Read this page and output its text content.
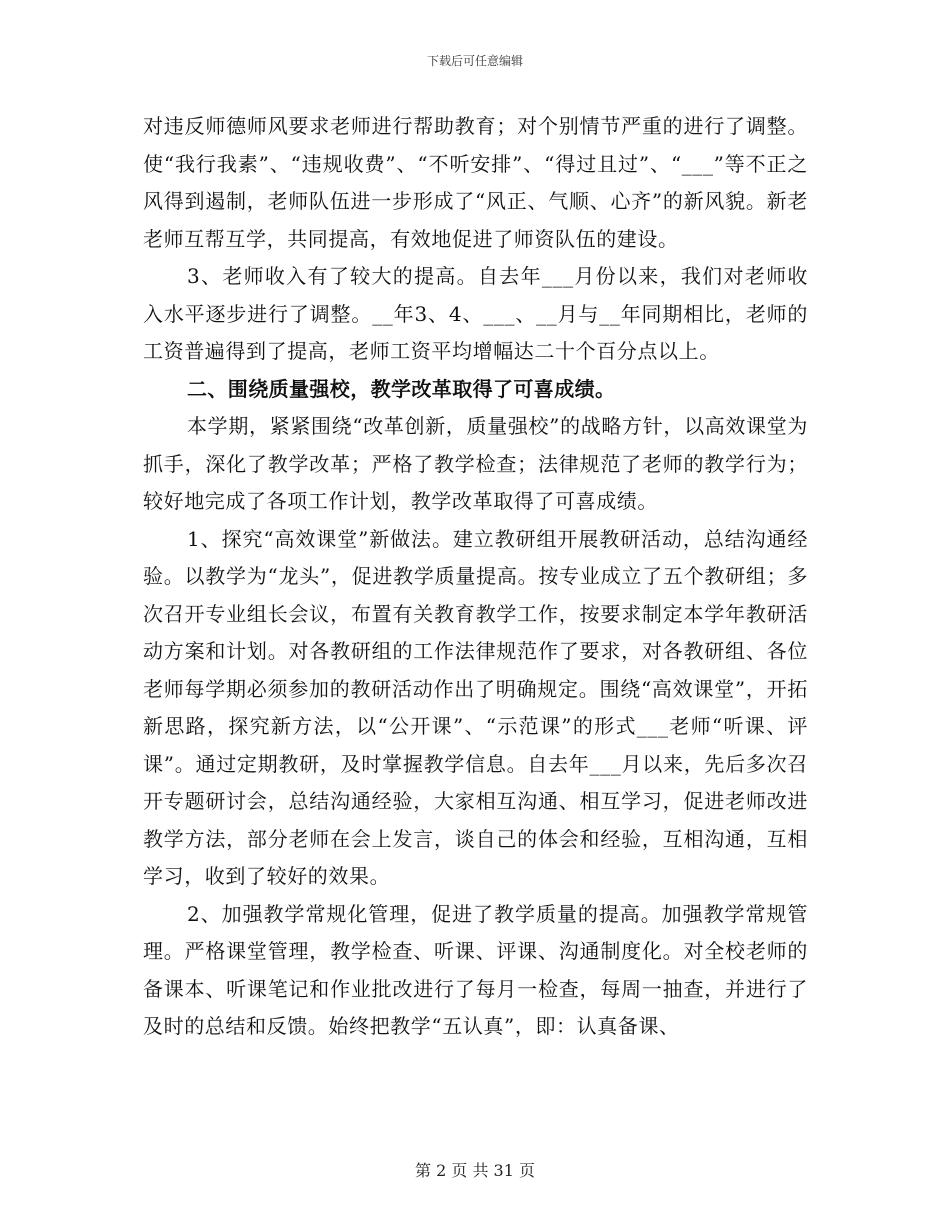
下载后可任意编辑

对违反师德师风要求老师进行帮助教育；对个别情节严重的进行了调整。使“我行我素”、“违规收费”、“不听安排”、“得过且过”、“___”等不正之风得到遏制，老师队伍进一步形成了“风正、气顺、心齐”的新风貌。新老老师互帮互学，共同提高，有效地促进了师资队伍的建设。

3、老师收入有了较大的提高。自去年___月份以来，我们对老师收入水平逐步进行了调整。__年3、4、___、__月与__年同期相比，老师的工资普遍得到了提高，老师工资平均增幅达二十个百分点以上。

二、围绕质量强校，教学改革取得了可喜成绩。

本学期，紧紧围绕“改革创新，质量强校”的战略方针，以高效课堂为抓手，深化了教学改革；严格了教学检查；法律规范了老师的教学行为；较好地完成了各项工作计划，教学改革取得了可喜成绩。

1、探究“高效课堂”新做法。建立教研组开展教研活动，总结沟通经验。以教学为“龙头”，促进教学质量提高。按专业成立了五个教研组；多次召开专业组长会议，布置有关教育教学工作，按要求制定本学年教研活动方案和计划。对各教研组的工作法律规范作了要求，对各教研组、各位老师每学期必须参加的教研活动作出了明确规定。围绕“高效课堂”，开拓新思路，探究新方法，以“公开课”、“示范课”的形式___老师“听课、评课”。通过定期教研，及时掌握教学信息。自去年___月以来，先后多次召开专题研讨会，总结沟通经验，大家相互沟通、相互学习，促进老师改进教学方法，部分老师在会上发言，谈自己的体会和经验，互相沟通，互相学习，收到了较好的效果。

2、加强教学常规化管理，促进了教学质量的提高。加强教学常规管理。严格课堂管理，教学检查、听课、评课、沟通制度化。对全校老师的备课本、听课笔记和作业批改进行了每月一检查，每周一抽查，并进行了及时的总结和反馈。始终把教学“五认真”，即：认真备课、

第 2 页 共 31 页
